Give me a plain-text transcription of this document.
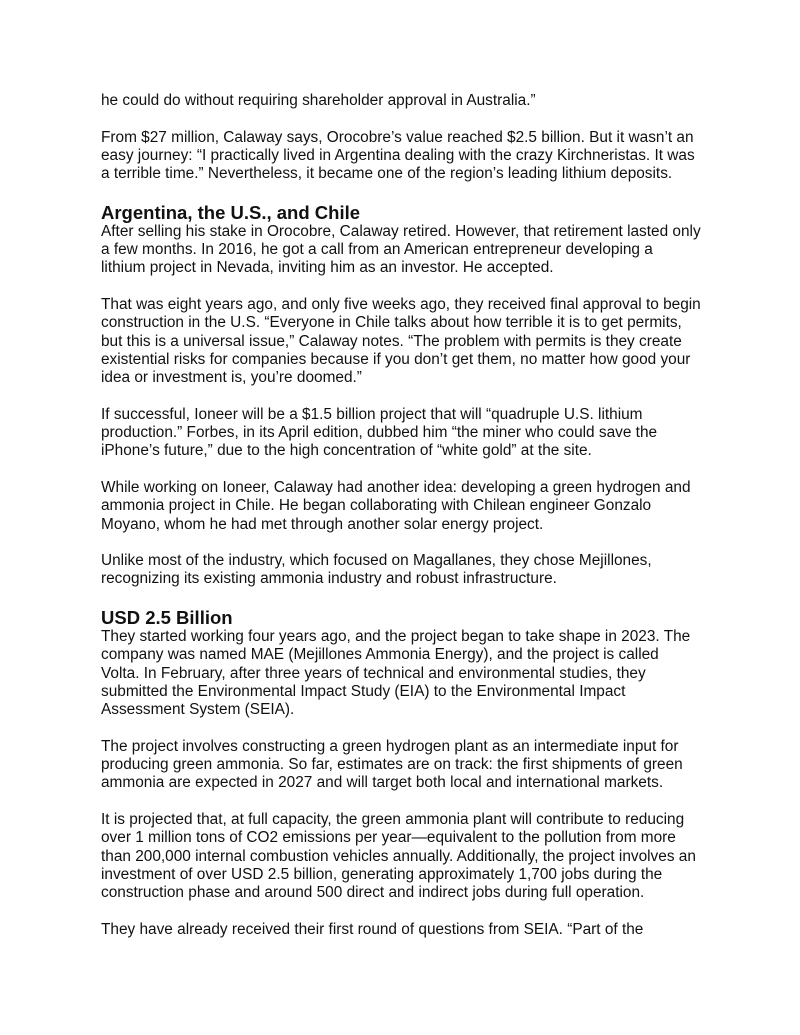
he could do without requiring shareholder approval in Australia.”

From $27 million, Calaway says, Orocobre’s value reached $2.5 billion. But it wasn’t an easy journey: “I practically lived in Argentina dealing with the crazy Kirchneristas. It was a terrible time.” Nevertheless, it became one of the region’s leading lithium deposits.

Argentina, the U.S., and Chile

After selling his stake in Orocobre, Calaway retired. However, that retirement lasted only a few months. In 2016, he got a call from an American entrepreneur developing a lithium project in Nevada, inviting him as an investor. He accepted.

That was eight years ago, and only five weeks ago, they received final approval to begin construction in the U.S. “Everyone in Chile talks about how terrible it is to get permits, but this is a universal issue,” Calaway notes. “The problem with permits is they create existential risks for companies because if you don’t get them, no matter how good your idea or investment is, you’re doomed.”

If successful, Ioneer will be a $1.5 billion project that will “quadruple U.S. lithium production.” Forbes, in its April edition, dubbed him “the miner who could save the iPhone’s future,” due to the high concentration of “white gold” at the site.

While working on Ioneer, Calaway had another idea: developing a green hydrogen and ammonia project in Chile. He began collaborating with Chilean engineer Gonzalo Moyano, whom he had met through another solar energy project.

Unlike most of the industry, which focused on Magallanes, they chose Mejillones, recognizing its existing ammonia industry and robust infrastructure.

USD 2.5 Billion

They started working four years ago, and the project began to take shape in 2023. The company was named MAE (Mejillones Ammonia Energy), and the project is called Volta. In February, after three years of technical and environmental studies, they submitted the Environmental Impact Study (EIA) to the Environmental Impact Assessment System (SEIA).

The project involves constructing a green hydrogen plant as an intermediate input for producing green ammonia. So far, estimates are on track: the first shipments of green ammonia are expected in 2027 and will target both local and international markets.

It is projected that, at full capacity, the green ammonia plant will contribute to reducing over 1 million tons of CO2 emissions per year—equivalent to the pollution from more than 200,000 internal combustion vehicles annually. Additionally, the project involves an investment of over USD 2.5 billion, generating approximately 1,700 jobs during the construction phase and around 500 direct and indirect jobs during full operation.

They have already received their first round of questions from SEIA. “Part of the
